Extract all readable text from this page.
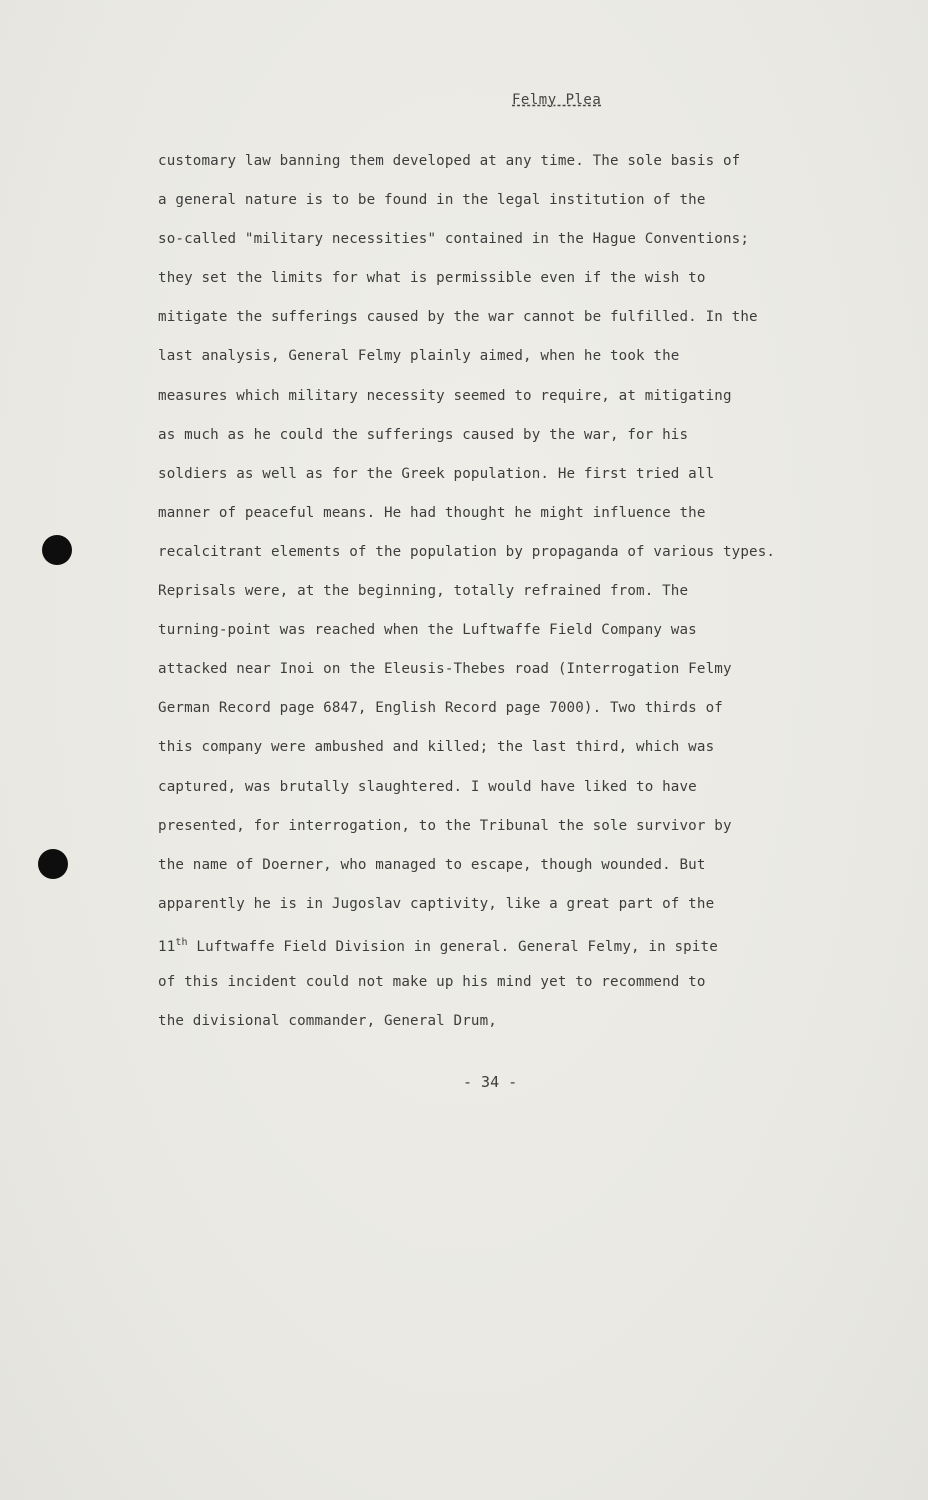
Felmy Plea
customary law banning them developed at any time. The sole basis of
a general nature is to be found in the legal institution of the
so-called "military necessities" contained in the Hague Conventions;
they set the limits for what is permissible even if the wish to
mitigate the sufferings caused by the war cannot be fulfilled. In the
last analysis, General Felmy plainly aimed, when he took the
measures which military necessity seemed to require, at mitigating
as much as he could the sufferings caused by the war, for his
soldiers as well as for the Greek population. He first tried all
manner of peaceful means. He had thought he might influence the
recalcitrant elements of the population by propaganda of various types.
Reprisals were, at the beginning, totally refrained from. The
turning-point was reached when the Luftwaffe Field Company was
attacked near Inoi on the Eleusis-Thebes road (Interrogation Felmy
German Record page 6847, English Record page 7000). Two thirds of
this company were ambushed and killed; the last third, which was
captured, was brutally slaughtered. I would have liked to have
presented, for interrogation, to the Tribunal the sole survivor by
the name of Doerner, who managed to escape, though wounded. But
apparently he is in Jugoslav captivity, like a great part of the
11th Luftwaffe Field Division in general. General Felmy, in spite
of this incident could not make up his mind yet to recommend to
the divisional commander, General Drum,
- 34 -
